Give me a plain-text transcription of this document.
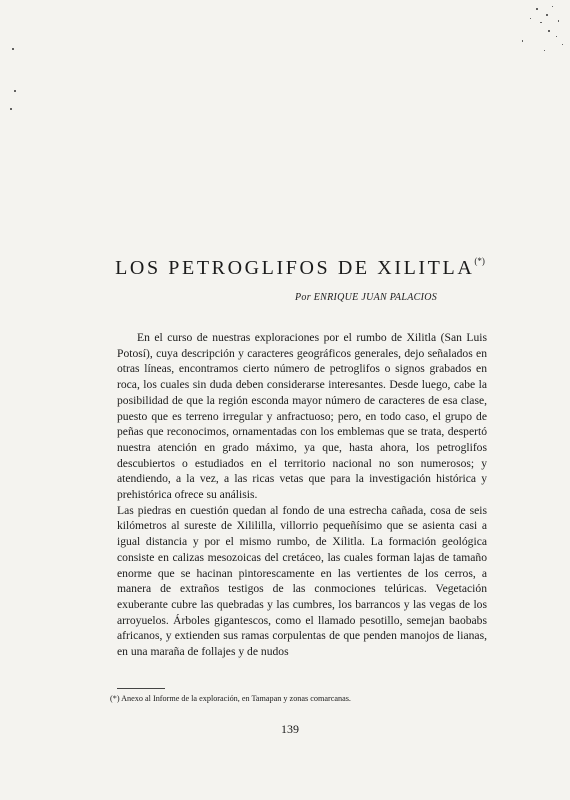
LOS PETROGLIFOS DE XILITLA(*)
Por ENRIQUE JUAN PALACIOS

En el curso de nuestras exploraciones por el rumbo de Xilitla (San Luis Potosí), cuya descripción y caracteres geográficos generales, dejo señalados en otras líneas, encontramos cierto número de petroglifos o signos grabados en roca, los cuales sin duda deben considerarse interesantes. Desde luego, cabe la posibilidad de que la región esconda mayor número de caracteres de esa clase, puesto que es terreno irregular y anfractuoso; pero, en todo caso, el grupo de peñas que reconocimos, ornamentadas con los emblemas que se trata, despertó nuestra atención en grado máximo, ya que, hasta ahora, los petroglifos descubiertos o estudiados en el territorio nacional no son numerosos; y atendiendo, a la vez, a las ricas vetas que para la investigación histórica y prehistórica ofrece su análisis.

Las piedras en cuestión quedan al fondo de una estrecha cañada, cosa de seis kilómetros al sureste de Xilililla, villorrio pequeñísimo que se asienta casi a igual distancia y por el mismo rumbo, de Xilitla. La formación geológica consiste en calizas mesozoicas del cretáceo, las cuales forman lajas de tamaño enorme que se hacinan pintorescamente en las vertientes de los cerros, a manera de extraños testigos de las conmociones telúricas. Vegetación exuberante cubre las quebradas y las cumbres, los barrancos y las vegas de los arroyuelos. Árboles gigantescos, como el llamado pesotillo, semejan baobabs africanos, y extienden sus ramas corpulentas de que penden manojos de lianas, en una maraña de follajes y de nudos

(*) Anexo al Informe de la exploración, en Tamapan y zonas comarcanas.
139
